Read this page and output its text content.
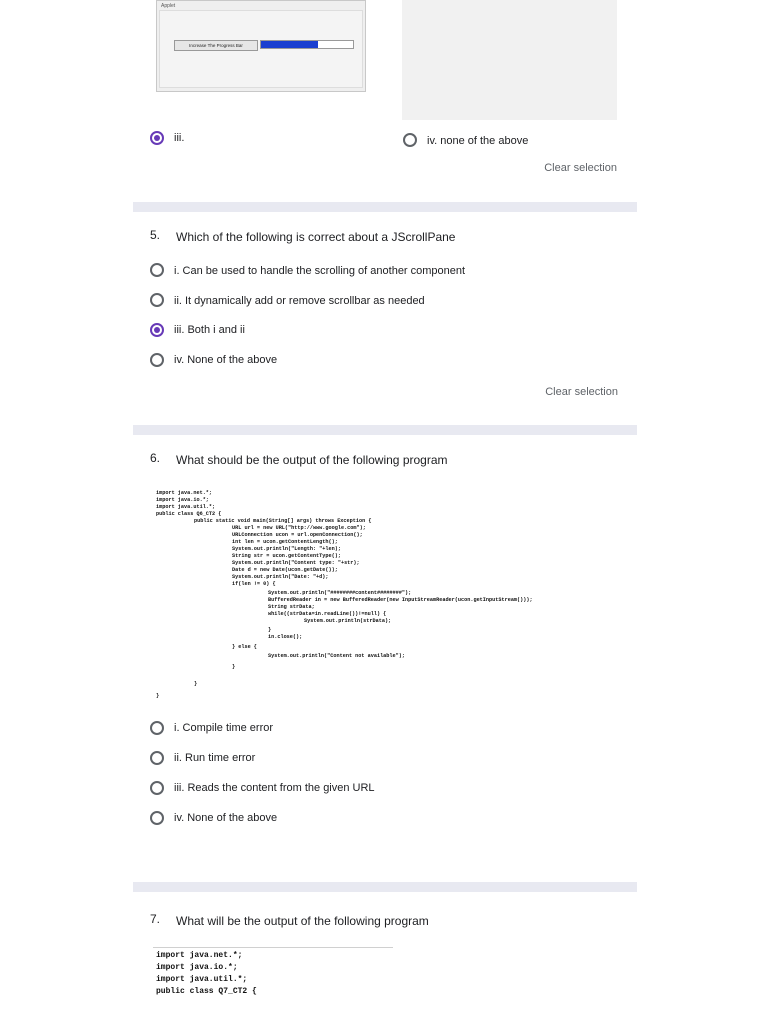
Applet
Increase The Progress Bar
iii.	iv. none of the above
Clear selection
5. Which of the following is correct about a JScrollPane
i. Can be used to handle the scrolling of another component
ii. It dynamically add or remove scrollbar as needed
iii. Both i and ii
iv. None of the above
Clear selection
6. What should be the output of the following program
import java.net.*;
import java.io.*;
import java.util.*;
public class Q6_CT2 {
public static void main(String[] args) throws Exception {
URL url = new URL("http://www.google.com");
URLConnection ucon = url.openConnection();
int len = ucon.getContentLength();
System.out.println("Length: "+len);
String str = ucon.getContentType();
System.out.println("Content type: "+str);
Date d = new Date(ucon.getDate());
System.out.println("Date: "+d);
if(len != 0) {
System.out.println("########content########");
BufferedReader in = new BufferedReader(new InputStreamReader(ucon.getInputStream()));
String strData;
while((strData=in.readLine())!=null) {
System.out.println(strData);
}
in.close();
} else {
System.out.println("Content not available");
}
}
}
i. Compile time error
ii. Run time error
iii. Reads the content from the given URL
iv. None of the above
7. What will be the output of the following program
import java.net.*;
import java.io.*;
import java.util.*;
public class Q7_CT2 {
